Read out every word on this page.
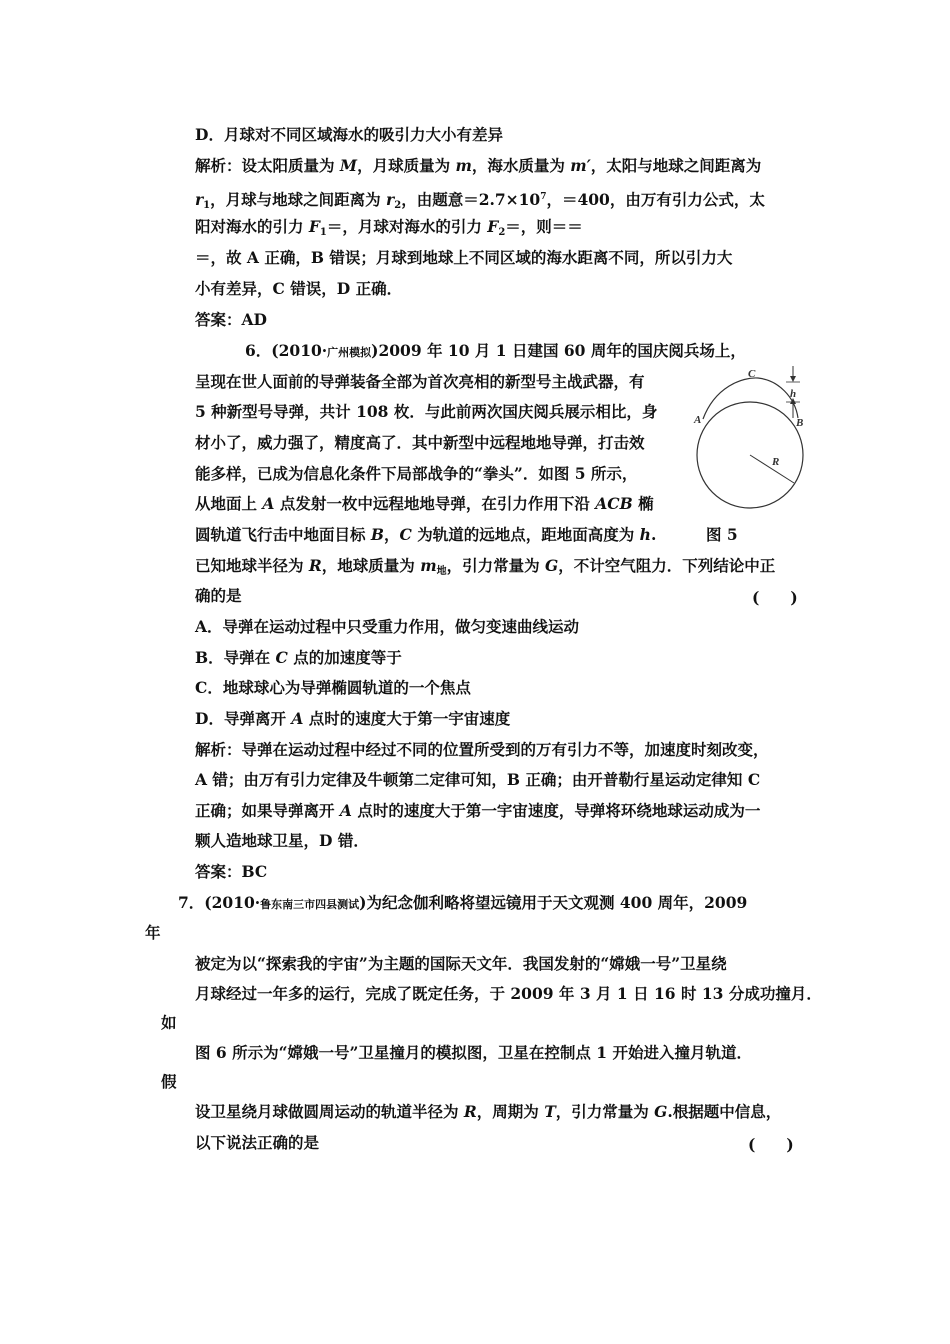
D．月球对不同区域海水的吸引力大小有差异
解析：设太阳质量为 M，月球质量为 m，海水质量为 m′，太阳与地球之间距离为
$r_1$，月球与地球之间距离为 $r_2$，由题意$=2.7\times 10^7$，＝400，由万有引力公式，太
阳对海水的引力 $F_1=$，月球对海水的引力 $F_2=$，则＝＝
＝，故 A 正确，B 错误；月球到地球上不同区域的海水距离不同，所以引力大
小有差异，C 错误，D 正确．
答案：AD
6．(2010·广州模拟)2009 年 10 月 1 日建国 60 周年的国庆阅兵场上，
呈现在世人面前的导弹装备全部为首次亮相的新型号主战武器，有
5 种新型号导弹，共计 108 枚．与此前两次国庆阅兵展示相比，身
材小了，威力强了，精度高了．其中新型中远程地地导弹，打击效
能多样，已成为信息化条件下局部战争的“拳头”．如图 5 所示，
从地面上 A 点发射一枚中远程地地导弹，在引力作用下沿 ACB 椭
圆轨道飞行击中地面目标 B，C 为轨道的远地点，距地面高度为 h.	图 5
C
h
A	B
R
已知地球半径为 R，地球质量为 $m_地$，引力常量为 G，不计空气阻力．下列结论中正
确的是	(　　)
A．导弹在运动过程中只受重力作用，做匀变速曲线运动
B．导弹在 C 点的加速度等于
C．地球球心为导弹椭圆轨道的一个焦点
D．导弹离开 A 点时的速度大于第一宇宙速度
解析：导弹在运动过程中经过不同的位置所受到的万有引力不等，加速度时刻改变，
A 错；由万有引力定律及牛顿第二定律可知，B 正确；由开普勒行星运动定律知 C
正确；如果导弹离开 A 点时的速度大于第一宇宙速度，导弹将环绕地球运动成为一
颗人造地球卫星，D 错．
答案：BC
7．(2010·鲁东南三市四县测试)为纪念伽利略将望远镜用于天文观测 400 周年，2009
年
被定为以“探索我的宇宙”为主题的国际天文年．我国发射的“嫦娥一号”卫星绕
月球经过一年多的运行，完成了既定任务，于 2009 年 3 月 1 日 16 时 13 分成功撞月．
如
图 6 所示为“嫦娥一号”卫星撞月的模拟图，卫星在控制点 1 开始进入撞月轨道．
假
设卫星绕月球做圆周运动的轨道半径为 R，周期为 T，引力常量为 G.根据题中信息，
以下说法正确的是	(　　)
